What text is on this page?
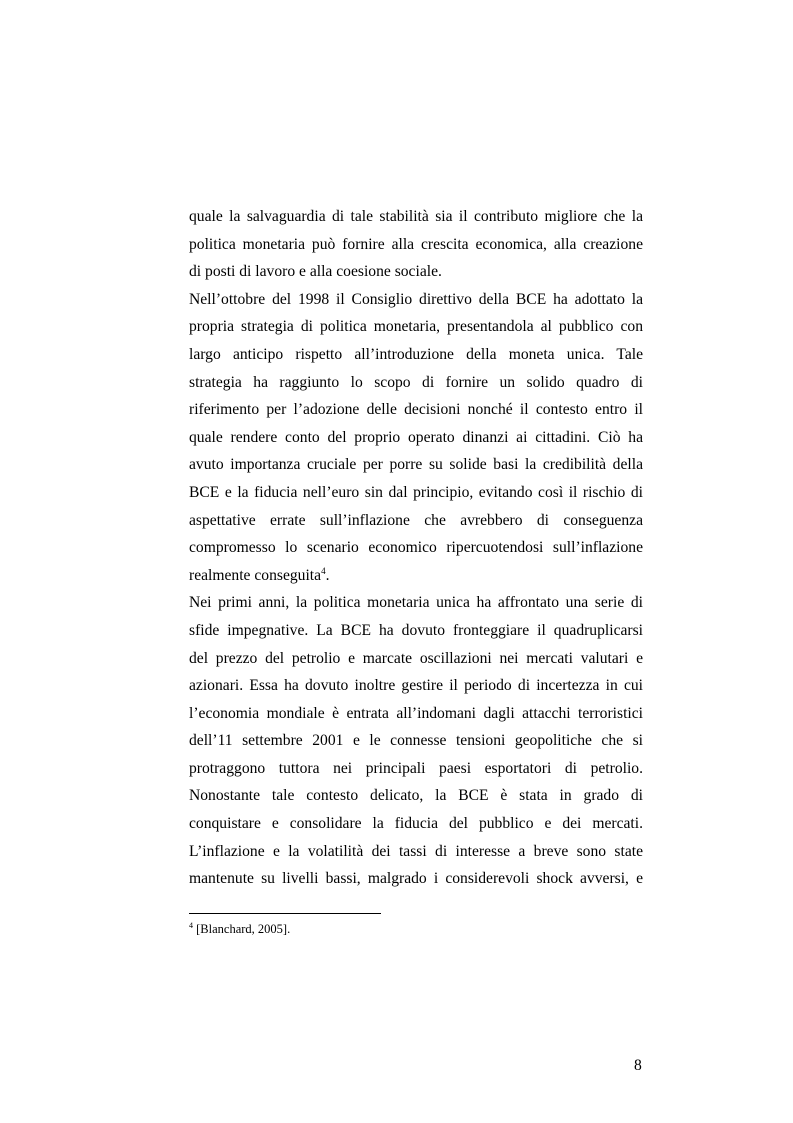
quale la salvaguardia di tale stabilità sia il contributo migliore che la
politica monetaria può fornire alla crescita economica, alla creazione
di posti di lavoro e alla coesione sociale.

Nell’ottobre del 1998 il Consiglio direttivo della BCE ha adottato la
propria strategia di politica monetaria, presentandola al pubblico con
largo anticipo rispetto all’introduzione della moneta unica. Tale
strategia ha raggiunto lo scopo di fornire un solido quadro di
riferimento per l’adozione delle decisioni nonché il contesto entro il
quale rendere conto del proprio operato dinanzi ai cittadini. Ciò ha
avuto importanza cruciale per porre su solide basi la credibilità della
BCE e la fiducia nell’euro sin dal principio, evitando così il rischio di
aspettative errate sull’inflazione che avrebbero di conseguenza
compromesso lo scenario economico ripercuotendosi sull’inflazione
realmente conseguita$^4$.

Nei primi anni, la politica monetaria unica ha affrontato una serie di
sfide impegnative. La BCE ha dovuto fronteggiare il quadruplicarsi
del prezzo del petrolio e marcate oscillazioni nei mercati valutari e
azionari. Essa ha dovuto inoltre gestire il periodo di incertezza in cui
l’economia mondiale è entrata all’indomani dagli attacchi terroristici
dell’11 settembre 2001 e le connesse tensioni geopolitiche che si
protraggono tuttora nei principali paesi esportatori di petrolio.
Nonostante tale contesto delicato, la BCE è stata in grado di
conquistare e consolidare la fiducia del pubblico e dei mercati.
L’inflazione e la volatilità dei tassi di interesse a breve sono state
mantenute su livelli bassi, malgrado i considerevoli shock avversi, e

$^4$ [Blanchard, 2005].
8
